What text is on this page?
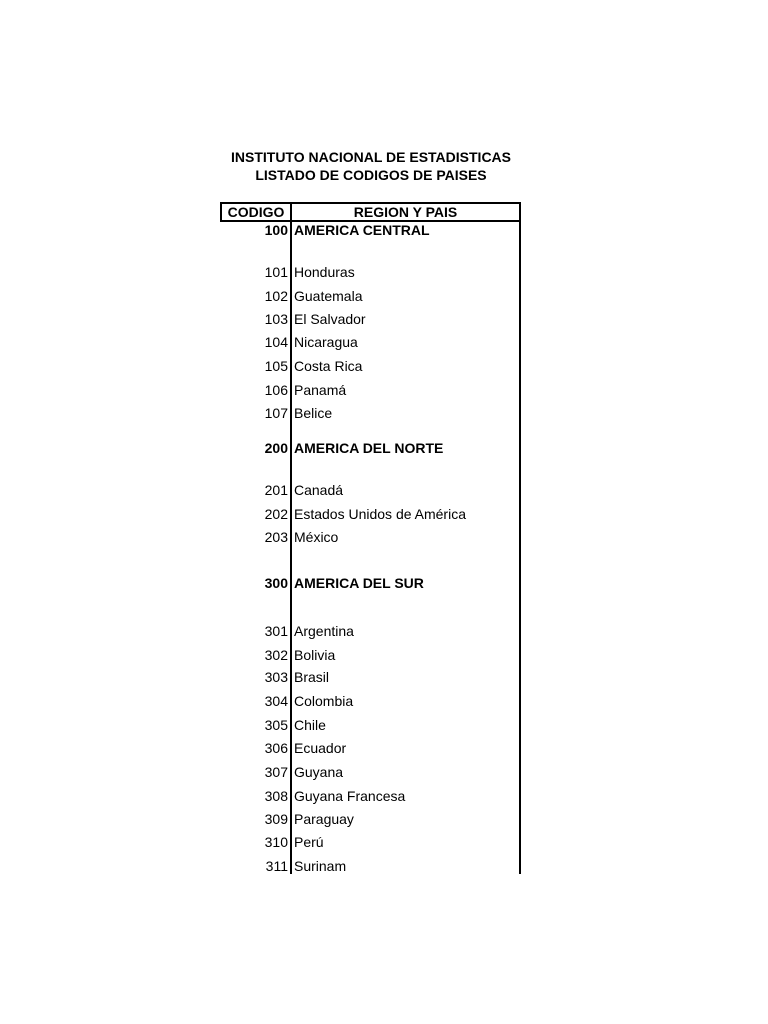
INSTITUTO NACIONAL DE ESTADISTICAS
LISTADO DE CODIGOS DE PAISES
CODIGO	REGION Y PAIS
100 AMERICA CENTRAL
101 Honduras
102 Guatemala
103 El Salvador
104 Nicaragua
105 Costa Rica
106 Panamá
107 Belice
200 AMERICA DEL NORTE
201 Canadá
202 Estados Unidos de América
203 México
300 AMERICA DEL SUR
301 Argentina
302 Bolivia
303 Brasil
304 Colombia
305 Chile
306 Ecuador
307 Guyana
308 Guyana Francesa
309 Paraguay
310 Perú
311 Surinam
